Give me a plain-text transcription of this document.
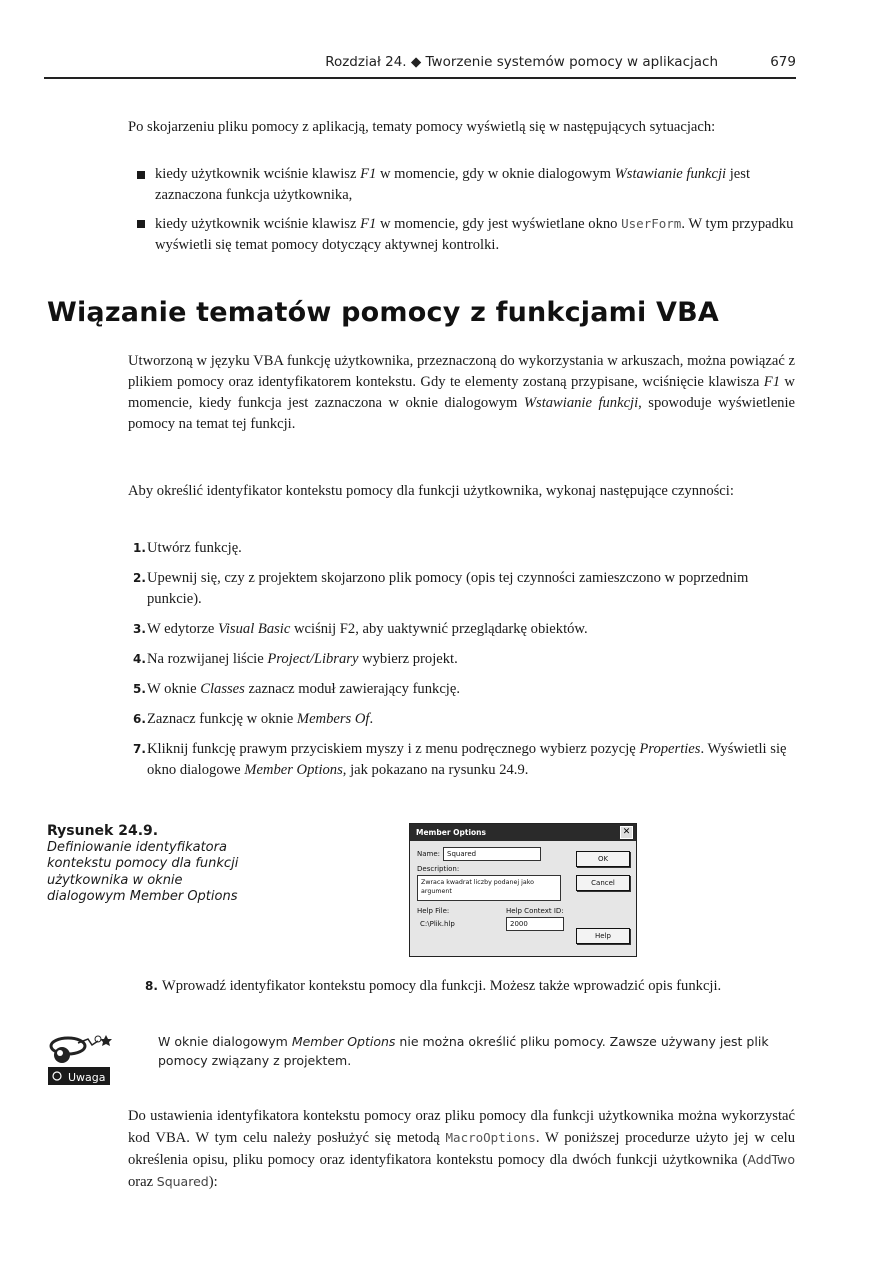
Rozdział 24. ◆ Tworzenie systemów pomocy w aplikacjach	679
Po skojarzeniu pliku pomocy z aplikacją, tematy pomocy wyświetlą się w następujących sytuacjach:
kiedy użytkownik wciśnie klawisz F1 w momencie, gdy w oknie dialogowym Wstawianie funkcji jest zaznaczona funkcja użytkownika,
kiedy użytkownik wciśnie klawisz F1 w momencie, gdy jest wyświetlane okno UserForm. W tym przypadku wyświetli się temat pomocy dotyczący aktywnej kontrolki.
Wiązanie tematów pomocy z funkcjami VBA
Utworzoną w języku VBA funkcję użytkownika, przeznaczoną do wykorzystania w arkuszach, można powiązać z plikiem pomocy oraz identyfikatorem kontekstu. Gdy te elementy zostaną przypisane, wciśnięcie klawisza F1 w momencie, kiedy funkcja jest zaznaczona w oknie dialogowym Wstawianie funkcji, spowoduje wyświetlenie pomocy na temat tej funkcji.
Aby określić identyfikator kontekstu pomocy dla funkcji użytkownika, wykonaj następujące czynności:
1. Utwórz funkcję.
2. Upewnij się, czy z projektem skojarzono plik pomocy (opis tej czynności zamieszczono w poprzednim punkcie).
3. W edytorze Visual Basic wciśnij F2, aby uaktywnić przeglądarkę obiektów.
4. Na rozwijanej liście Project/Library wybierz projekt.
5. W oknie Classes zaznacz moduł zawierający funkcję.
6. Zaznacz funkcję w oknie Members Of.
7. Kliknij funkcję prawym przyciskiem myszy i z menu podręcznego wybierz pozycję Properties. Wyświetli się okno dialogowe Member Options, jak pokazano na rysunku 24.9.
Rysunek 24.9.
Definiowanie identyfikatora kontekstu pomocy dla funkcji użytkownika w oknie dialogowym Member Options
Member Options	✕
Name: Squared
Description:
Zwraca kwadrat liczby podanej jako argument
Help File:
C:\Plik.hlp
Help Context ID:
2000
OK
Cancel
Help
8. Wprowadź identyfikator kontekstu pomocy dla funkcji. Możesz także wprowadzić opis funkcji.
Uwaga
W oknie dialogowym Member Options nie można określić pliku pomocy. Zawsze używany jest plik pomocy związany z projektem.
Do ustawienia identyfikatora kontekstu pomocy oraz pliku pomocy dla funkcji użytkownika można wykorzystać kod VBA. W tym celu należy posłużyć się metodą MacroOptions. W poniższej procedurze użyto jej w celu określenia opisu, pliku pomocy oraz identyfikatora kontekstu pomocy dla dwóch funkcji użytkownika (AddTwo oraz Squared):
